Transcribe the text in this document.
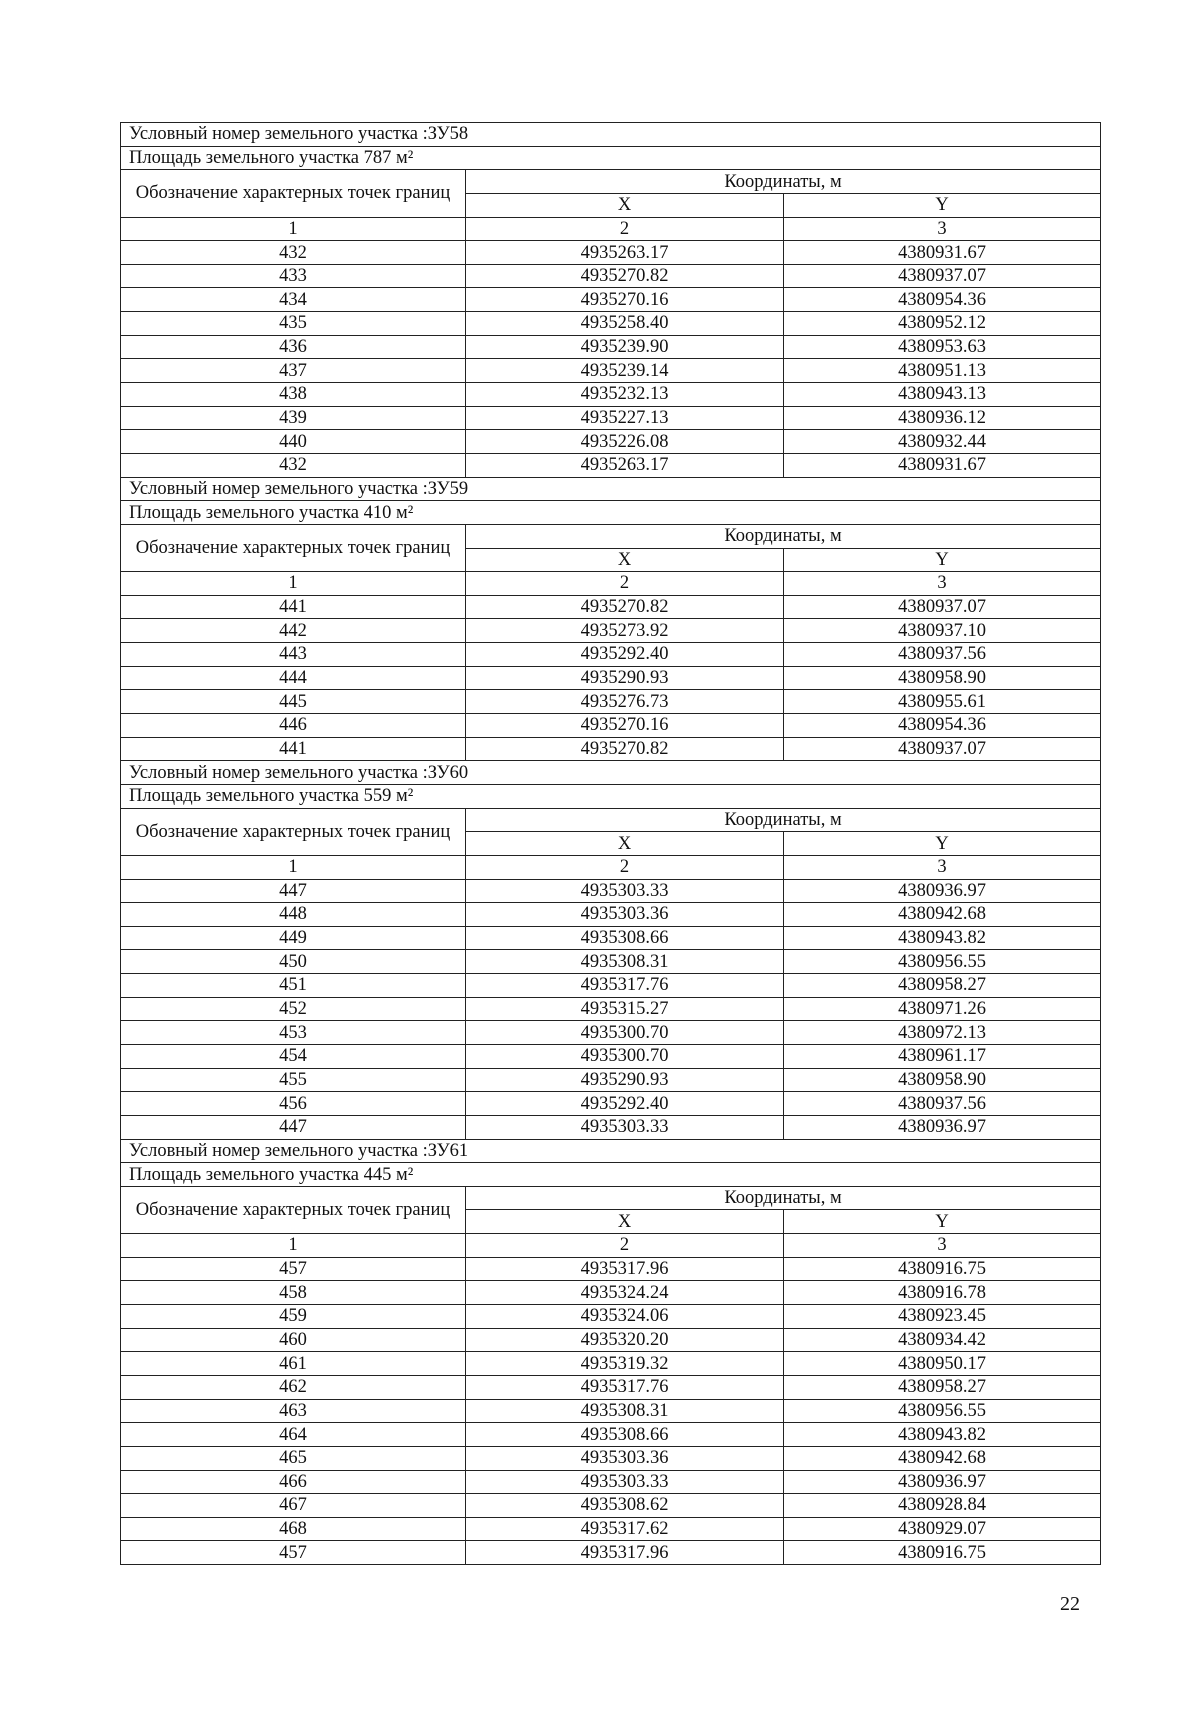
Условный номер земельного участка :ЗУ58		
Площадь земельного участка 787 м²		
Обозначение характерных точек границ	Координаты, м	
	X	Y
1	2	3
432	4935263.17	4380931.67
433	4935270.82	4380937.07
434	4935270.16	4380954.36
435	4935258.40	4380952.12
436	4935239.90	4380953.63
437	4935239.14	4380951.13
438	4935232.13	4380943.13
439	4935227.13	4380936.12
440	4935226.08	4380932.44
432	4935263.17	4380931.67
Условный номер земельного участка :ЗУ59		
Площадь земельного участка 410 м²		
Обозначение характерных точек границ	Координаты, м	
	X	Y
1	2	3
441	4935270.82	4380937.07
442	4935273.92	4380937.10
443	4935292.40	4380937.56
444	4935290.93	4380958.90
445	4935276.73	4380955.61
446	4935270.16	4380954.36
441	4935270.82	4380937.07
Условный номер земельного участка :ЗУ60		
Площадь земельного участка 559 м²		
Обозначение характерных точек границ	Координаты, м	
	X	Y
1	2	3
447	4935303.33	4380936.97
448	4935303.36	4380942.68
449	4935308.66	4380943.82
450	4935308.31	4380956.55
451	4935317.76	4380958.27
452	4935315.27	4380971.26
453	4935300.70	4380972.13
454	4935300.70	4380961.17
455	4935290.93	4380958.90
456	4935292.40	4380937.56
447	4935303.33	4380936.97
Условный номер земельного участка :ЗУ61		
Площадь земельного участка 445 м²		
Обозначение характерных точек границ	Координаты, м	
	X	Y
1	2	3
457	4935317.96	4380916.75
458	4935324.24	4380916.78
459	4935324.06	4380923.45
460	4935320.20	4380934.42
461	4935319.32	4380950.17
462	4935317.76	4380958.27
463	4935308.31	4380956.55
464	4935308.66	4380943.82
465	4935303.36	4380942.68
466	4935303.33	4380936.97
467	4935308.62	4380928.84
468	4935317.62	4380929.07
457	4935317.96	4380916.75
22
